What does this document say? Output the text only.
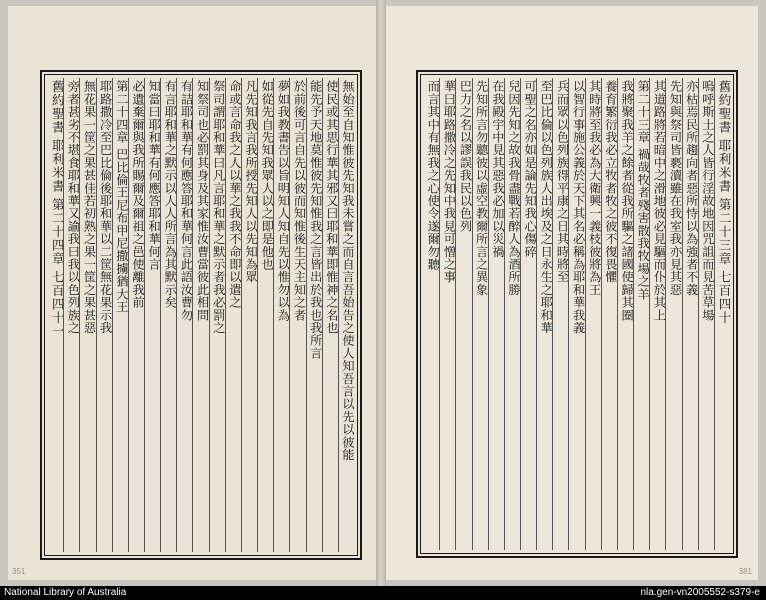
無始至自知惟彼先知我未嘗之而自言吾始告之使人知吾言以先以彼能
使民或其思行華其邪又曰耶和華即惟神之名也
能先予天地莫惟彼先知惟我之言皆出於我也我所言
於前後可言自先以彼而知惟後生天主知之者
夢如我教書告以旨明知人知自先以惟勿以為
如從先自先知我眾人以之即是他也
凡先知我言我所授先知人以先知為眾
命或言命我之人以華之我我不命即以遣之
祭司謂耶和華曰凡言耶和華之默示者我必罰之
知祭司也必罰其身及其家惟汝曹當彼此相問
有詰耶和華有何應答耶和華何言此語汝曹勿
有言耶和華之默示以人人所言為其默示矣
知當曰耶和華有何應答耶和華何言
必遺棄爾與我所賜爾及爾祖之邑使離我前
第二十四章 巴比倫王尼布甲尼撒擄猶大王
耶路撒冷至巴比倫後耶和華以二筐無花果示我
無花果一筐之果甚佳若初熟之果一筐之果甚惡
旁者甚劣不堪食耶和華又諭我曰我以色列族之
舊約聖書 耶利米書 第二十四章 七百四十一
351
舊約聖書 耶利米書 第二十三章 七百四十
嗚呼斯土之人皆行淫故地因咒詛而見苦草場
亦枯焉民所趨向者惡所恃以為強者不義
先知與祭司皆褻瀆雖在我室我亦見其惡
其道路將若暗中之滑地彼必見驅而仆於其上
第二十三章 禍哉牧者殘害散我牧場之羊
我將聚我羊之餘者從我所驅之諸國使歸其圈
養育繁衍我必立牧者牧之彼不復畏懼
其時將至我必為大衛興一義枝彼將為王
以智行事施公義於天下其名必稱為耶和華我義
兵而眾以色列族得平康之日其時將至
至巴比倫以色列族人出埃及之日永生之耶和華
可聖之名亦如是論先知我心傷碎
兒因先知之故我骨盡戰若醉人為酒所勝
在我殿宇中見其惡我必加以災禍
先知所言勿聽彼以虛空教爾所言之異象
巴力之名以謬誤我民以色列
華曰耶路撒冷之先知中我見可憎之事
而言其中有無我之心使令遂爾勿聽
381
National Library of Australia	nla.gen-vn2005552-s379-e
